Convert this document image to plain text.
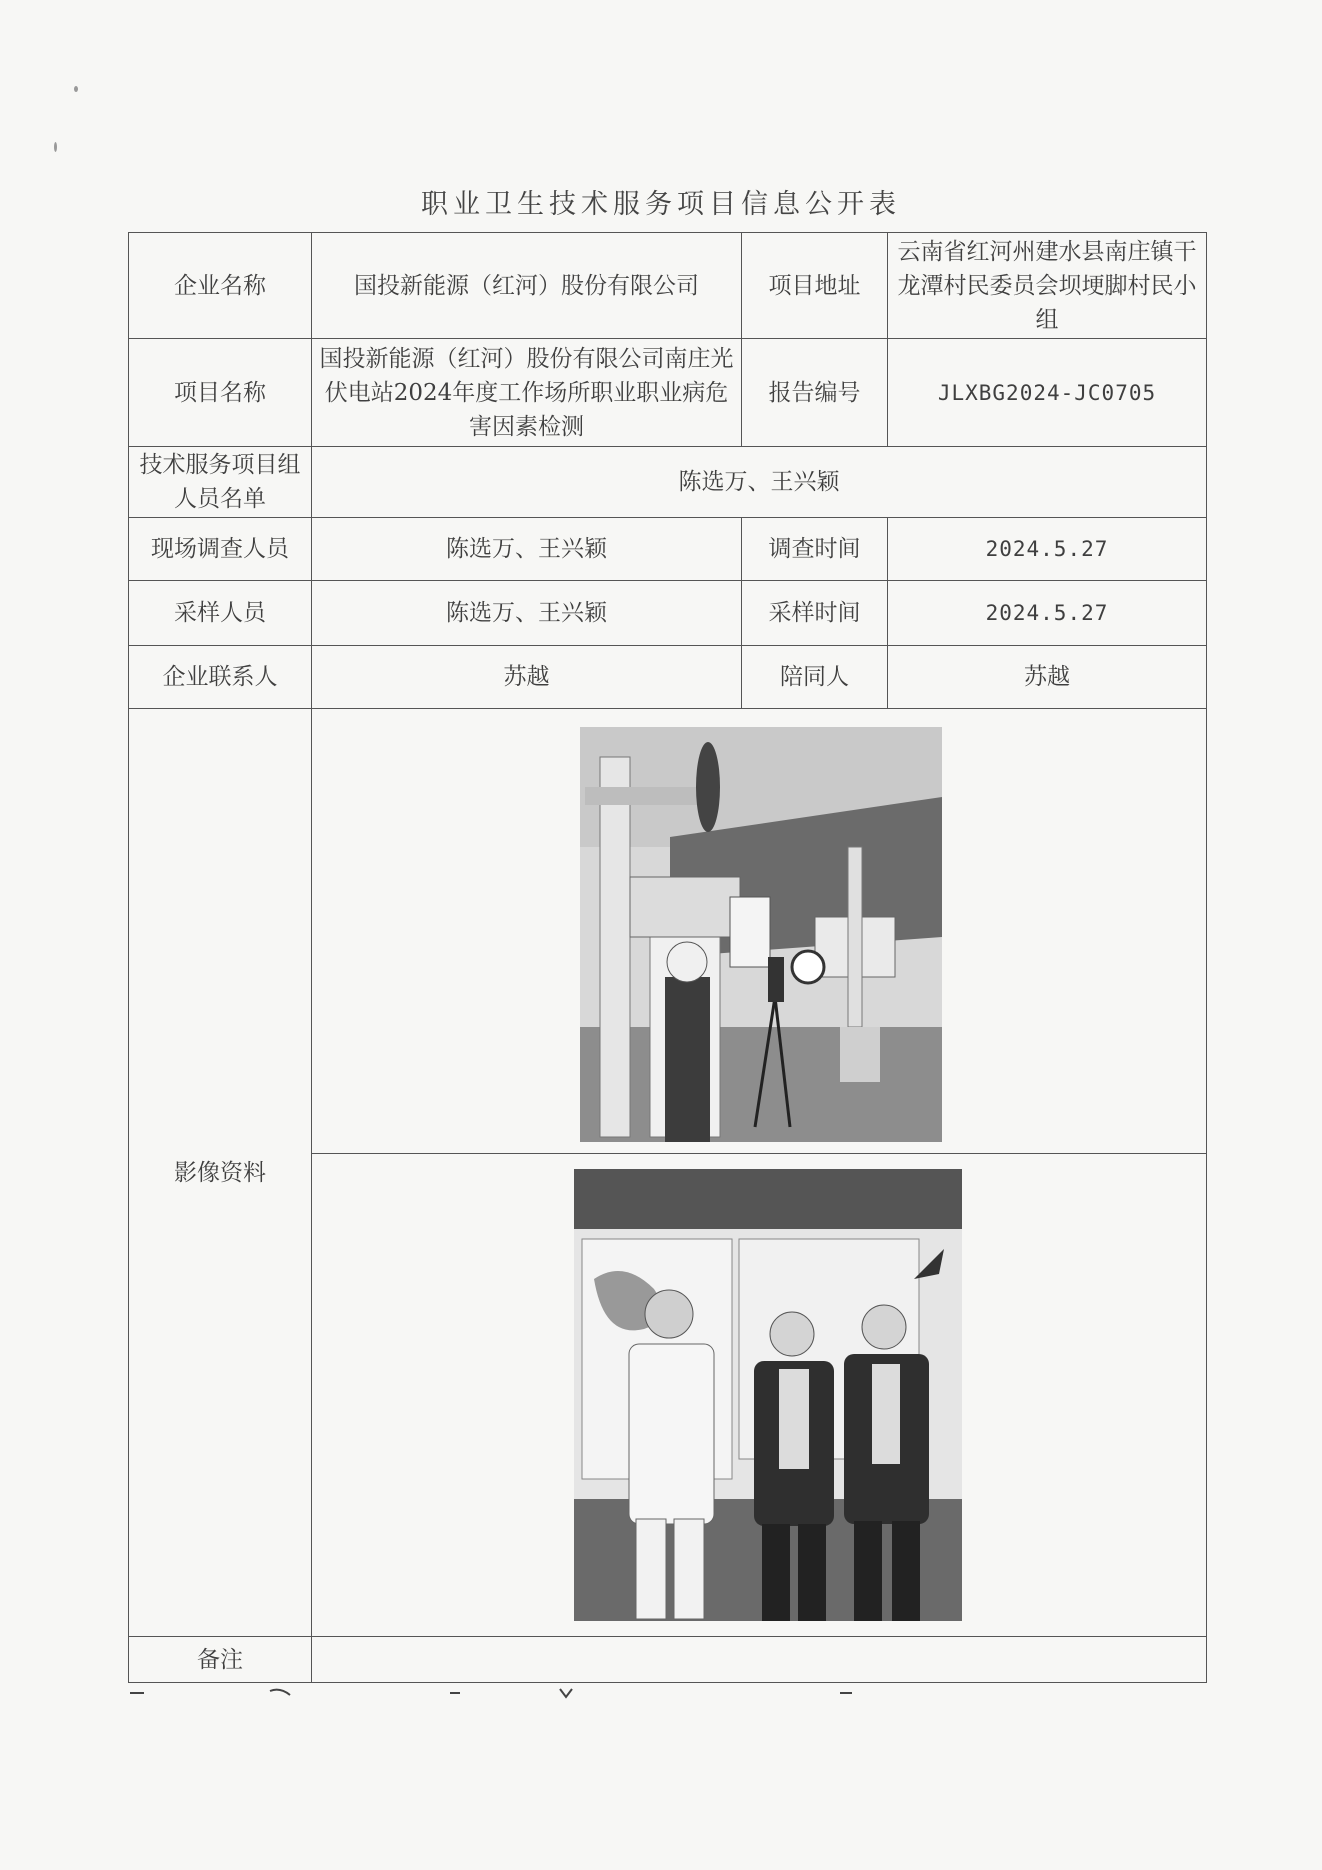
职业卫生技术服务项目信息公开表
企业名称	国投新能源（红河）股份有限公司	项目地址	云南省红河州建水县南庄镇干龙潭村民委员会坝埂脚村民小组
项目名称	国投新能源（红河）股份有限公司南庄光伏电站2024年度工作场所职业职业病危害因素检测	报告编号	JLXBG2024-JC0705
技术服务项目组人员名单	陈选万、王兴颖		
现场调查人员	陈选万、王兴颖	调查时间	2024.5.27
采样人员	陈选万、王兴颖	采样时间	2024.5.27
企业联系人	苏越	陪同人	苏越
影像资料	

备注			
